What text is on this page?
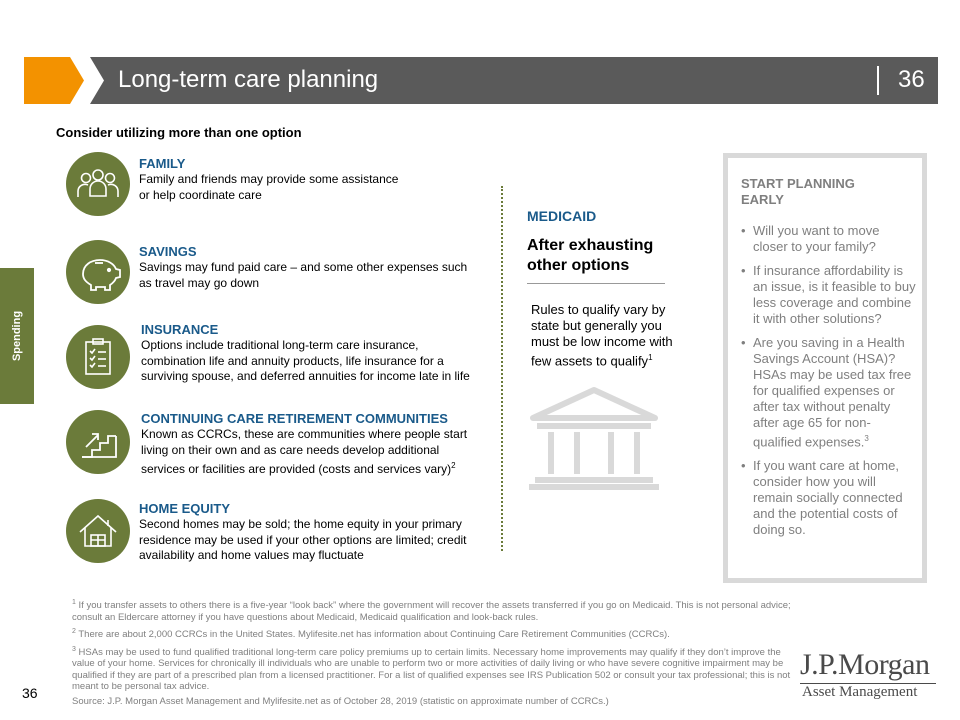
Long-term care planning	36
Spending
Consider utilizing more than one option
FAMILY
Family and friends may provide some assistance or help coordinate care
SAVINGS
Savings may fund paid care – and some other expenses such as travel may go down
INSURANCE
Options include traditional long-term care insurance, combination life and annuity products, life insurance for a surviving spouse, and deferred annuities for income late in life
CONTINUING CARE RETIREMENT COMMUNITIES
Known as CCRCs, these are communities where people start living on their own and as care needs develop additional services or facilities are provided (costs and services vary)$^2$
HOME EQUITY
Second homes may be sold; the home equity in your primary residence may be used if your other options are limited; credit availability and home values may fluctuate
MEDICAID
After exhausting other options
Rules to qualify vary by state but generally you must be low income with few assets to qualify$^1$
START PLANNING EARLY
• Will you want to move closer to your family?
• If insurance affordability is an issue, is it feasible to buy less coverage and combine it with other solutions?
• Are you saving in a Health Savings Account (HSA)? HSAs may be used tax free for qualified expenses or after tax without penalty after age 65 for non-qualified expenses.$^3$
• If you want care at home, consider how you will remain socially connected and the potential costs of doing so.

$^1$ If you transfer assets to others there is a five-year “look back” where the government will recover the assets transferred if you go on Medicaid. This is not personal advice; consult an Eldercare attorney if you have questions about Medicaid, Medicaid qualification and look-back rules.

$^2$ There are about 2,000 CCRCs in the United States. Mylifesite.net has information about Continuing Care Retirement Communities (CCRCs).

$^3$ HSAs may be used to fund qualified traditional long-term care policy premiums up to certain limits. Necessary home improvements may qualify if they don’t improve the value of your home. Services for chronically ill individuals who are unable to perform two or more activities of daily living or who have severe cognitive impairment may be qualified if they are part of a prescribed plan from a licensed practitioner. For a list of qualified expenses see IRS Publication 502 or consult your tax professional; this is not meant to be personal tax advice.

Source: J.P. Morgan Asset Management and Mylifesite.net as of October 28, 2019 (statistic on approximate number of CCRCs.)

36
J.P.Morgan
Asset Management
